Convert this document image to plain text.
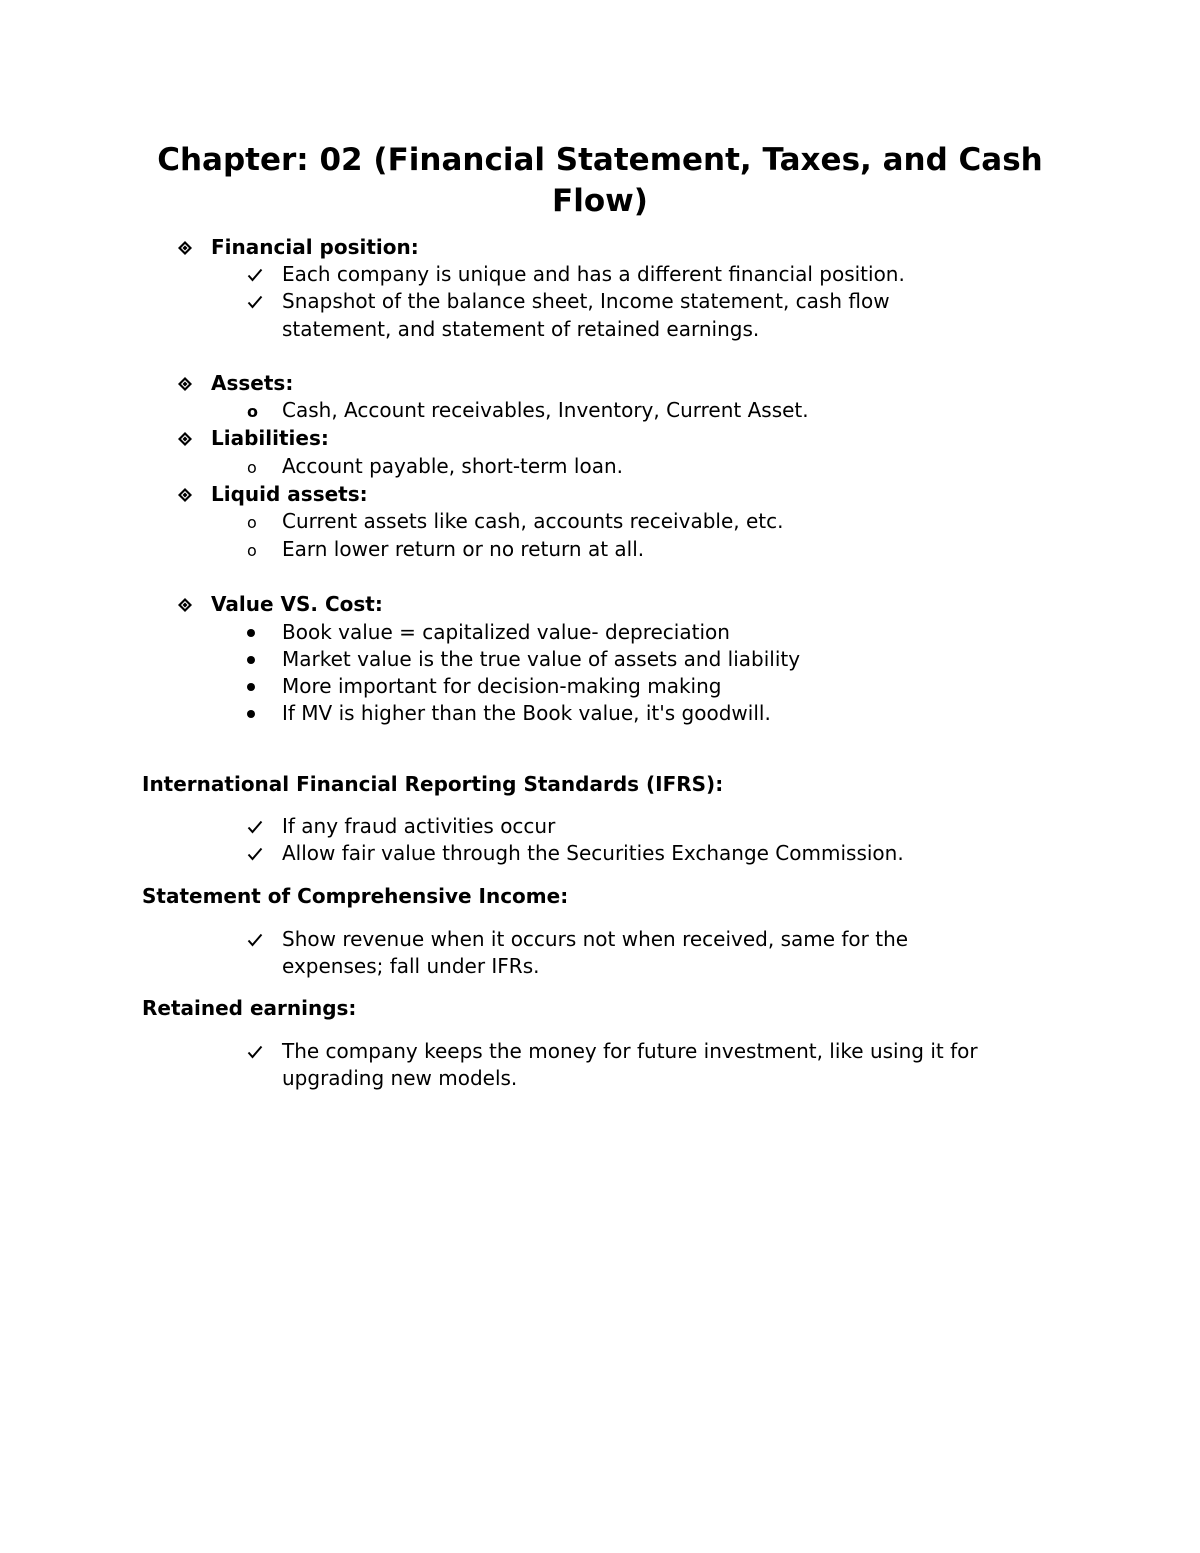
Chapter: 02 (Financial Statement, Taxes, and Cash Flow)
Financial position:
Each company is unique and has a different financial position.
Snapshot of the balance sheet, Income statement, cash flow
statement, and statement of retained earnings.
Assets:
o	Cash, Account receivables, Inventory, Current Asset.
Liabilities:
o	Account payable, short-term loan.
Liquid assets:
o	Current assets like cash, accounts receivable, etc.
o	Earn lower return or no return at all.
Value VS. Cost:
Book value = capitalized value- depreciation
Market value is the true value of assets and liability
More important for decision-making making
If MV is higher than the Book value, it's goodwill.
International Financial Reporting Standards (IFRS):
If any fraud activities occur
Allow fair value through the Securities Exchange Commission.
Statement of Comprehensive Income:
Show revenue when it occurs not when received, same for the
expenses; fall under IFRs.
Retained earnings:
The company keeps the money for future investment, like using it for
upgrading new models.
